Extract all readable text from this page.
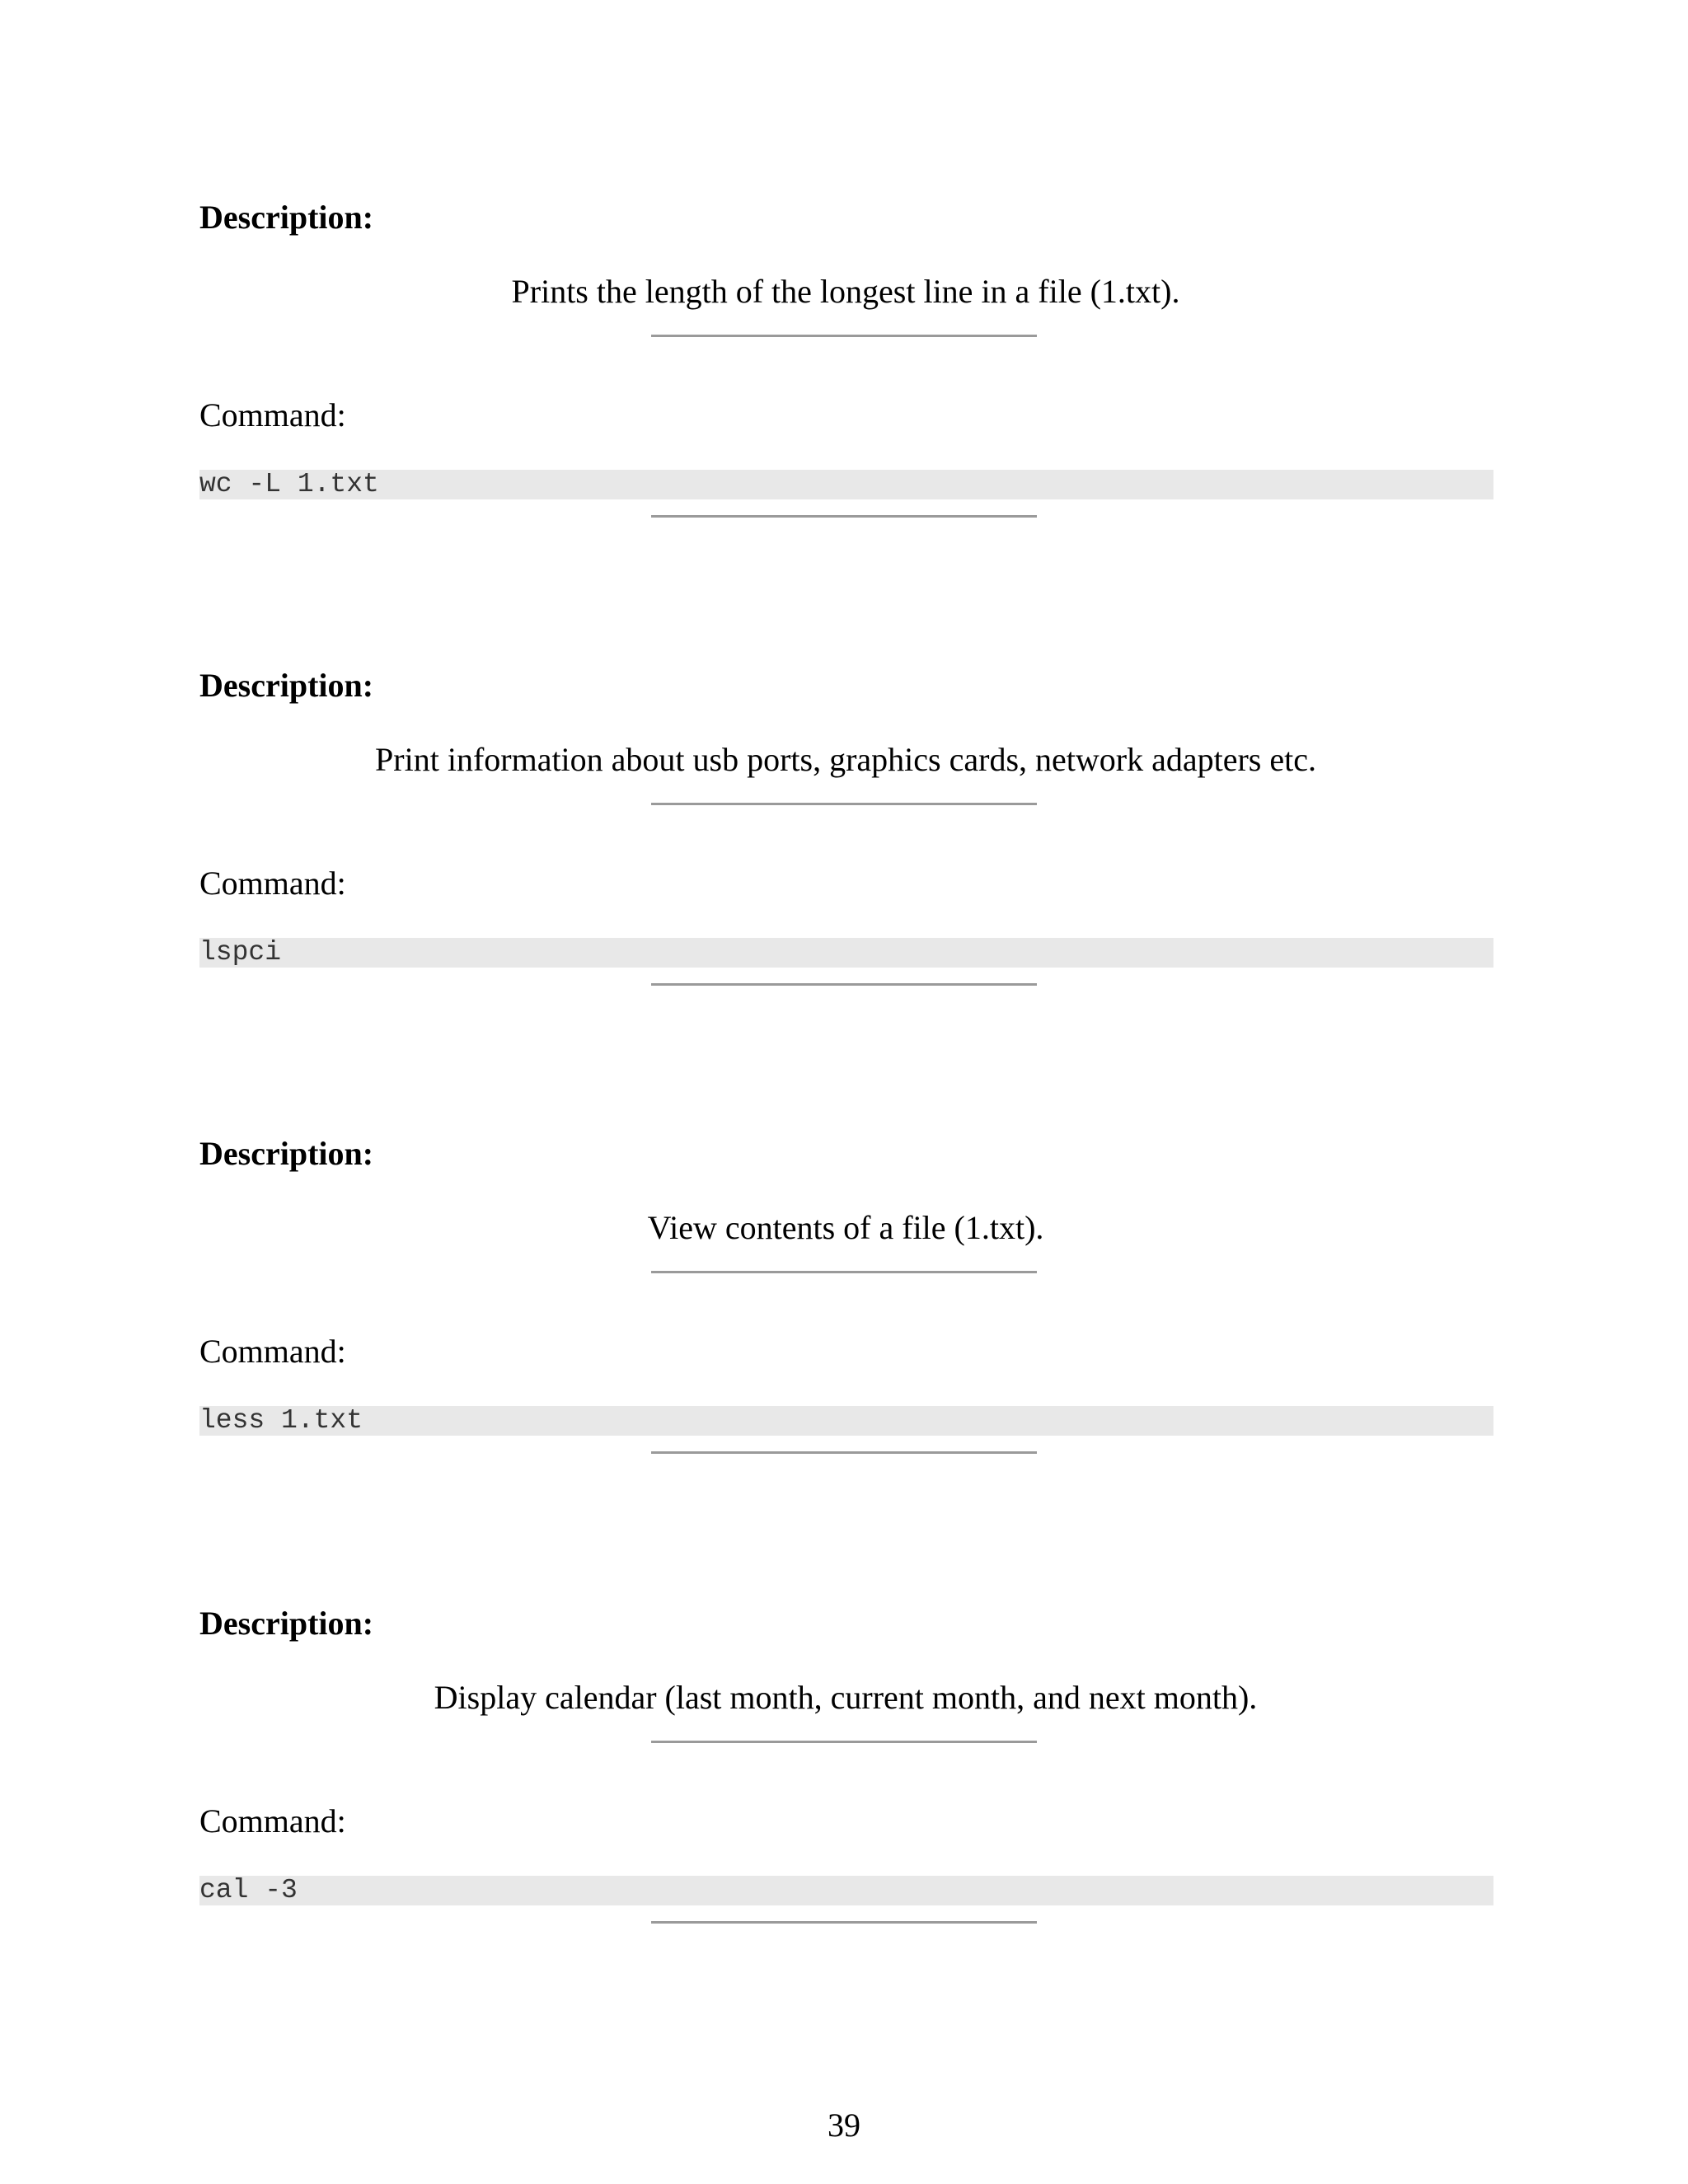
Description:
Prints the length of the longest line in a file (1.txt).
Command:
wc -L 1.txt
Description:
Print information about usb ports, graphics cards, network adapters etc.
Command:
lspci
Description:
View contents of a file (1.txt).
Command:
less 1.txt
Description:
Display calendar (last month, current month, and next month).
Command:
cal -3
39
